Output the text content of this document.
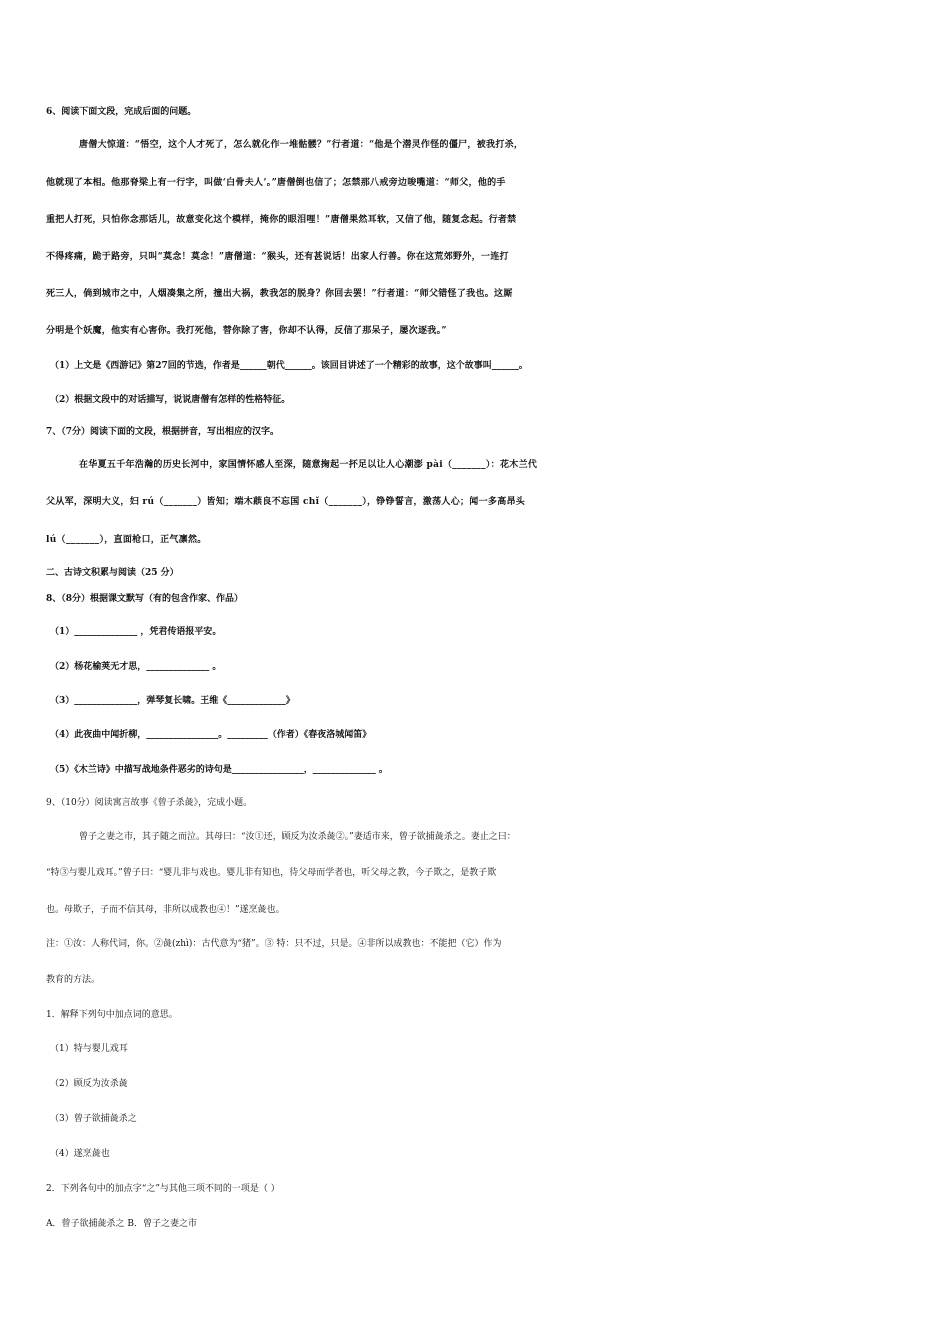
6、阅读下面文段，完成后面的问题。
唐僧大惊道：“悟空，这个人才死了，怎么就化作一堆骷髅？”行者道：“他是个潜灵作怪的僵尸，被我打杀，
他就现了本相。他那脊梁上有一行字，叫做‘白骨夫人’。”唐僧倒也信了；怎禁那八戒旁边唆嘴道：“师父，他的手
重把人打死，只怕你念那话儿，故意变化这个模样，掩你的眼泪哩！”唐僧果然耳软，又信了他，随复念起。行者禁
不得疼痛，跪于路旁，只叫“莫念！莫念！”唐僧道：“猴头，还有甚说话！出家人行善。你在这荒郊野外，一连打
死三人，倘到城市之中，人烟凑集之所，撞出大祸，教我怎的脱身？你回去罢！”行者道：“师父错怪了我也。这厮
分明是个妖魔，他实有心害你。我打死他，替你除了害，你却不认得，反信了那呆子，屡次逐我。”
（1）上文是《西游记》第27回的节选，作者是______朝代______。该回目讲述了一个精彩的故事，这个故事叫______。
（2）根据文段中的对话描写，说说唐僧有怎样的性格特征。
7、（7分）阅读下面的文段，根据拼音，写出相应的汉字。
在华夏五千年浩瀚的历史长河中，家国情怀感人至深，随意掬起一抔足以让人心潮澎 pài（_______）：花木兰代
父从军，深明大义，妇 rú（_______）皆知；端木蕻良不忘国 chǐ（_______），铮铮誓言，激荡人心；闻一多高昂头
lú（_______），直面枪口，正气凛然。
二、古诗文积累与阅读（25 分）
8、（8分）根据课文默写（有的包含作家、作品）
（1）______________ ，凭君传语报平安。
（2）杨花榆荚无才思，______________ 。
（3）______________，弹琴复长啸。王维《_____________》
（4）此夜曲中闻折柳，________________。_________（作者）《春夜洛城闻笛》
（5）《木兰诗》中描写战地条件恶劣的诗句是________________，______________ 。
9、（10分）阅读寓言故事《曾子杀彘》，完成小题。
曾子之妻之市，其子随之而泣。其母曰：“汝①还，顾反为汝杀彘②。”妻适市来，曾子欲捕彘杀之。妻止之曰：
“特③与婴儿戏耳。”曾子曰：“婴儿非与戏也。婴儿非有知也，待父母而学者也，听父母之教，今子欺之，是教子欺
也。母欺子，子而不信其母，非所以成教也④！”遂烹彘也。
注：①汝：人称代词，你。②彘(zhì)：古代意为“猪”。③ 特：只不过，只是。④非所以成教也：不能把（它）作为
教育的方法。
1．解释下列句中加点词的意思。
（1）特与婴儿戏耳
（2）顾反为汝杀彘
（3）曾子欲捕彘杀之
（4）遂烹彘也
2．下列各句中的加点字“之”与其他三项不同的一项是（ ）
A．曾子欲捕彘杀之 B．曾子之妻之市
